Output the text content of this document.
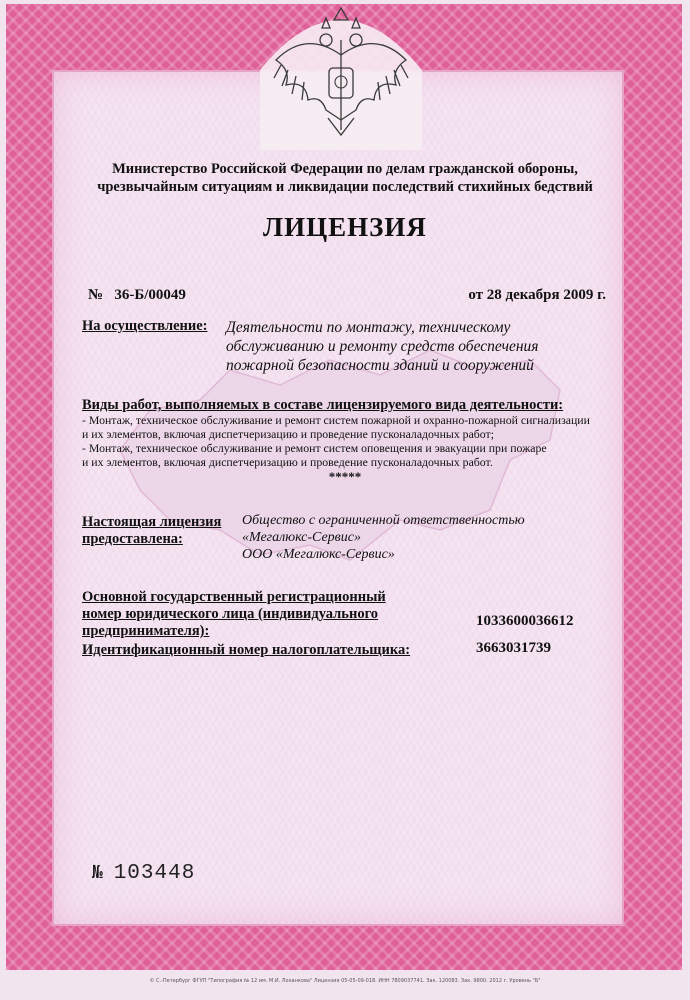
Министерство Российской Федерации по делам гражданской обороны,
чрезвычайным ситуациям и ликвидации последствий стихийных бедствий

ЛИЦЕНЗИЯ

№ 36-Б/00049	от 28 декабря 2009 г.

На осуществление: Деятельности по монтажу, техническому
обслуживанию и ремонту средств обеспечения
пожарной безопасности зданий и сооружений

Виды работ, выполняемых в составе лицензируемого вида деятельности:

- Монтаж, техническое обслуживание и ремонт систем пожарной и охранно-пожарной сигнализации
и их элементов, включая диспетчеризацию и проведение пусконаладочных работ;
- Монтаж, техническое обслуживание и ремонт систем оповещения и эвакуации при пожаре
и их элементов, включая диспетчеризацию и проведение пусконаладочных работ.

*****

Настоящая лицензия
предоставлена:

Общество с ограниченной ответственностью
«Мегалюкс-Сервис»
ООО «Мегалюкс-Сервис»

Основной государственный регистрационный
номер юридического лица (индивидуального
предпринимателя):

1033600036612

Идентификационный номер налогоплательщика:	3663031739

№ 103448

© С.-Петербург ФГУП "Типография № 12 им. М.И. Лоханкова" Лицензия 05-05-09-018. ИНН 7809037741. Зак. 120083. Зак. 9800. 2012 г. Уровень "Б"
